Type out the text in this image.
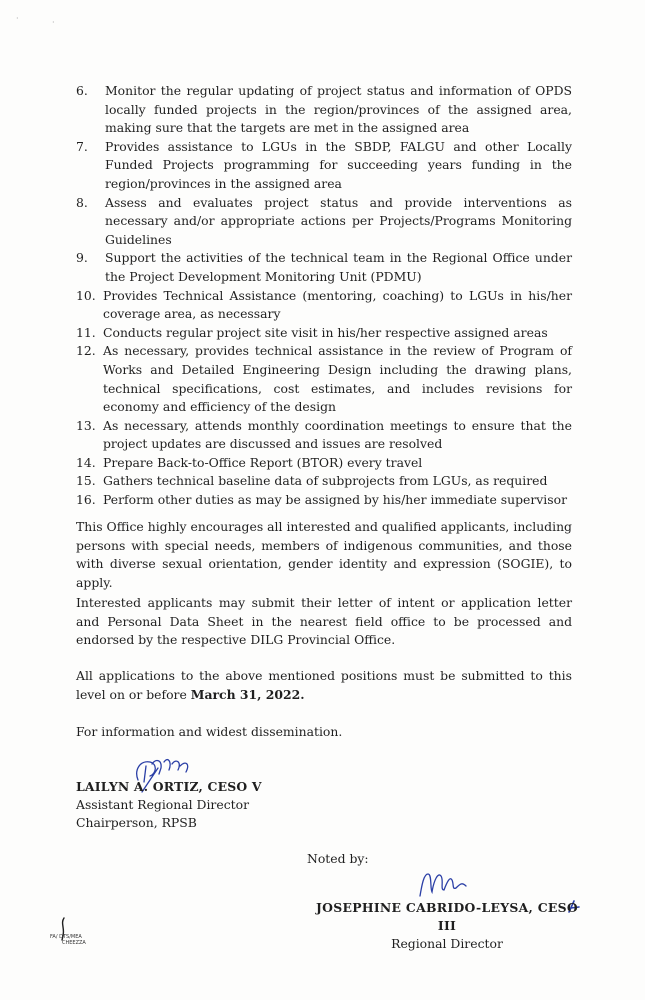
·	·
6.	Monitor the regular updating of project status and information of OPDS locally funded projects in the region/provinces of the assigned area, making sure that the targets are met in the assigned area
7.	Provides assistance to LGUs in the SBDP, FALGU and other Locally Funded Projects programming for succeeding years funding in the region/provinces in the assigned area
8.	Assess and evaluates project status and provide interventions as necessary and/or appropriate actions per Projects/Programs Monitoring Guidelines
9.	Support the activities of the technical team in the Regional Office under the Project Development Monitoring Unit (PDMU)
10. Provides Technical Assistance (mentoring, coaching) to LGUs in his/her coverage area, as necessary
11. Conducts regular project site visit in his/her respective assigned areas
12. As necessary, provides technical assistance in the review of Program of Works and Detailed Engineering Design including the drawing plans, technical specifications, cost estimates, and includes revisions for economy and efficiency of the design
13. As necessary, attends monthly coordination meetings to ensure that the project updates are discussed and issues are resolved
14. Prepare Back-to-Office Report (BTOR) every travel
15. Gathers technical baseline data of subprojects from LGUs, as required
16. Perform other duties as may be assigned by his/her immediate supervisor

This Office highly encourages all interested and qualified applicants, including persons with special needs, members of indigenous communities, and those with diverse sexual orientation, gender identity and expression (SOGIE), to apply.

Interested applicants may submit their letter of intent or application letter and Personal Data Sheet in the nearest field office to be processed and endorsed by the respective DILG Provincial Office.

All applications to the above mentioned positions must be submitted to this level on or before March 31, 2022.

For information and widest dissemination.

LAILYN A. ORTIZ, CESO V
Assistant Regional Director
Chairperson, RPSB
Noted by:
JOSEPHINE CABRIDO-LEYSA, CESO III
Regional Director
FA/ DTS/MEA
CHEEZZA
